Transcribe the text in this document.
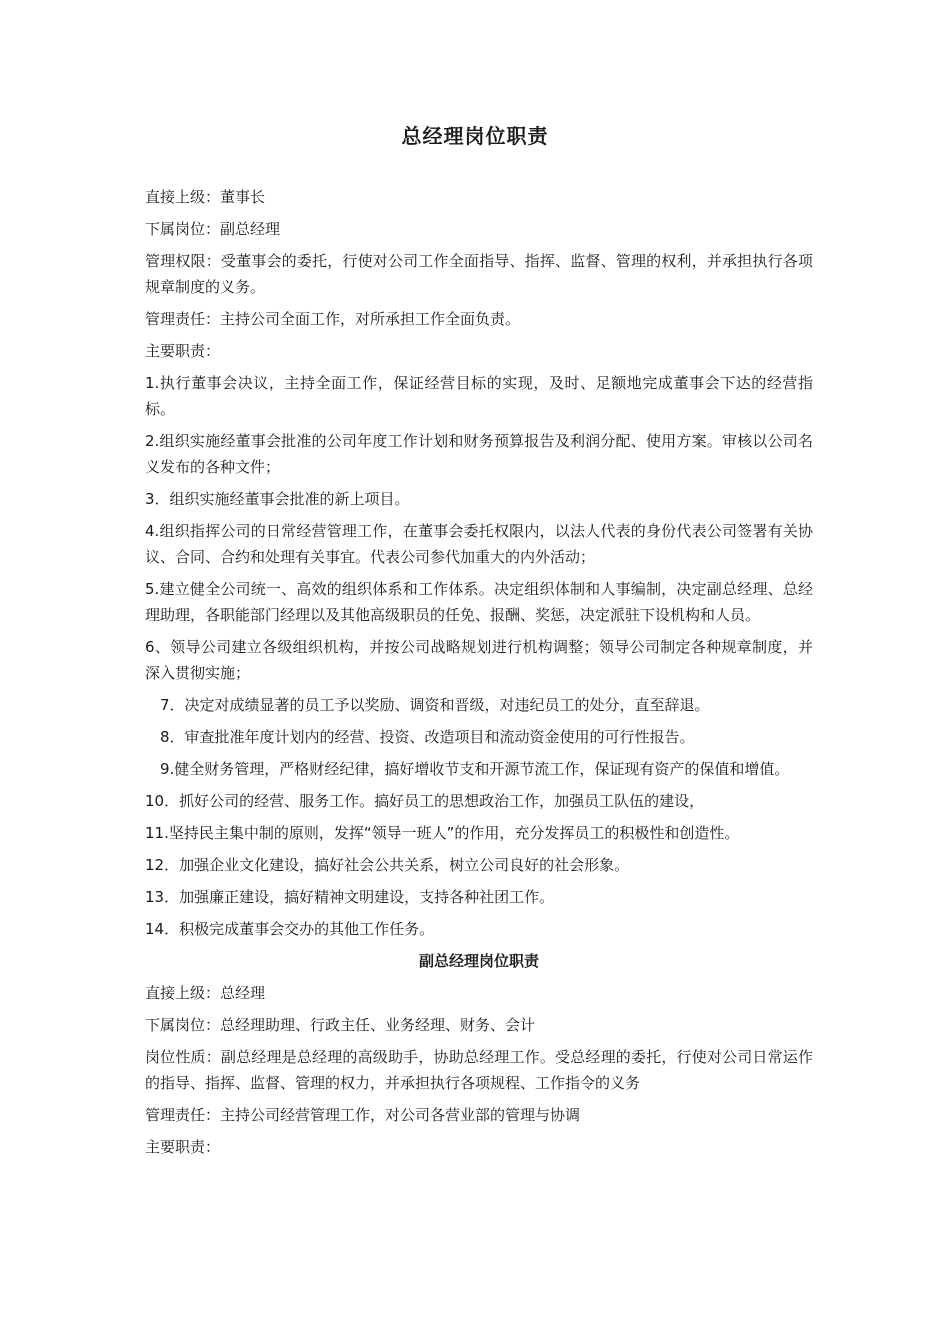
总经理岗位职责

直接上级：董事长

下属岗位：副总经理

管理权限：受董事会的委托，行使对公司工作全面指导、指挥、监督、管理的权利，并承担执行各项规章制度的义务。

管理责任：主持公司全面工作，对所承担工作全面负责。

主要职责：

1.执行董事会决议，主持全面工作，保证经营目标的实现，及时、足额地完成董事会下达的经营指标。

2.组织实施经董事会批准的公司年度工作计划和财务预算报告及利润分配、使用方案。审核以公司名义发布的各种文件；

3．组织实施经董事会批准的新上项目。

4.组织指挥公司的日常经营管理工作，在董事会委托权限内，以法人代表的身份代表公司签署有关协议、合同、合约和处理有关事宜。代表公司参代加重大的内外活动；

5.建立健全公司统一、高效的组织体系和工作体系。决定组织体制和人事编制，决定副总经理、总经理助理，各职能部门经理以及其他高级职员的任免、报酬、奖惩，决定派驻下设机构和人员。

6、领导公司建立各级组织机构，并按公司战略规划进行机构调整；领导公司制定各种规章制度，并深入贯彻实施；

7．决定对成绩显著的员工予以奖励、调资和晋级，对违纪员工的处分，直至辞退。

8．审查批准年度计划内的经营、投资、改造项目和流动资金使用的可行性报告。

9.健全财务管理，严格财经纪律，搞好增收节支和开源节流工作，保证现有资产的保值和增值。

10．抓好公司的经营、服务工作。搞好员工的思想政治工作，加强员工队伍的建设，

11.坚持民主集中制的原则，发挥“领导一班人”的作用，充分发挥员工的积极性和创造性。

12．加强企业文化建设，搞好社会公共关系，树立公司良好的社会形象。

13．加强廉正建设，搞好精神文明建设，支持各种社团工作。

14．积极完成董事会交办的其他工作任务。

副总经理岗位职责

直接上级：总经理

下属岗位：总经理助理、行政主任、业务经理、财务、会计

岗位性质：副总经理是总经理的高级助手，协助总经理工作。受总经理的委托，行使对公司日常运作的指导、指挥、监督、管理的权力，并承担执行各项规程、工作指令的义务

管理责任：主持公司经营管理工作，对公司各营业部的管理与协调

主要职责：
